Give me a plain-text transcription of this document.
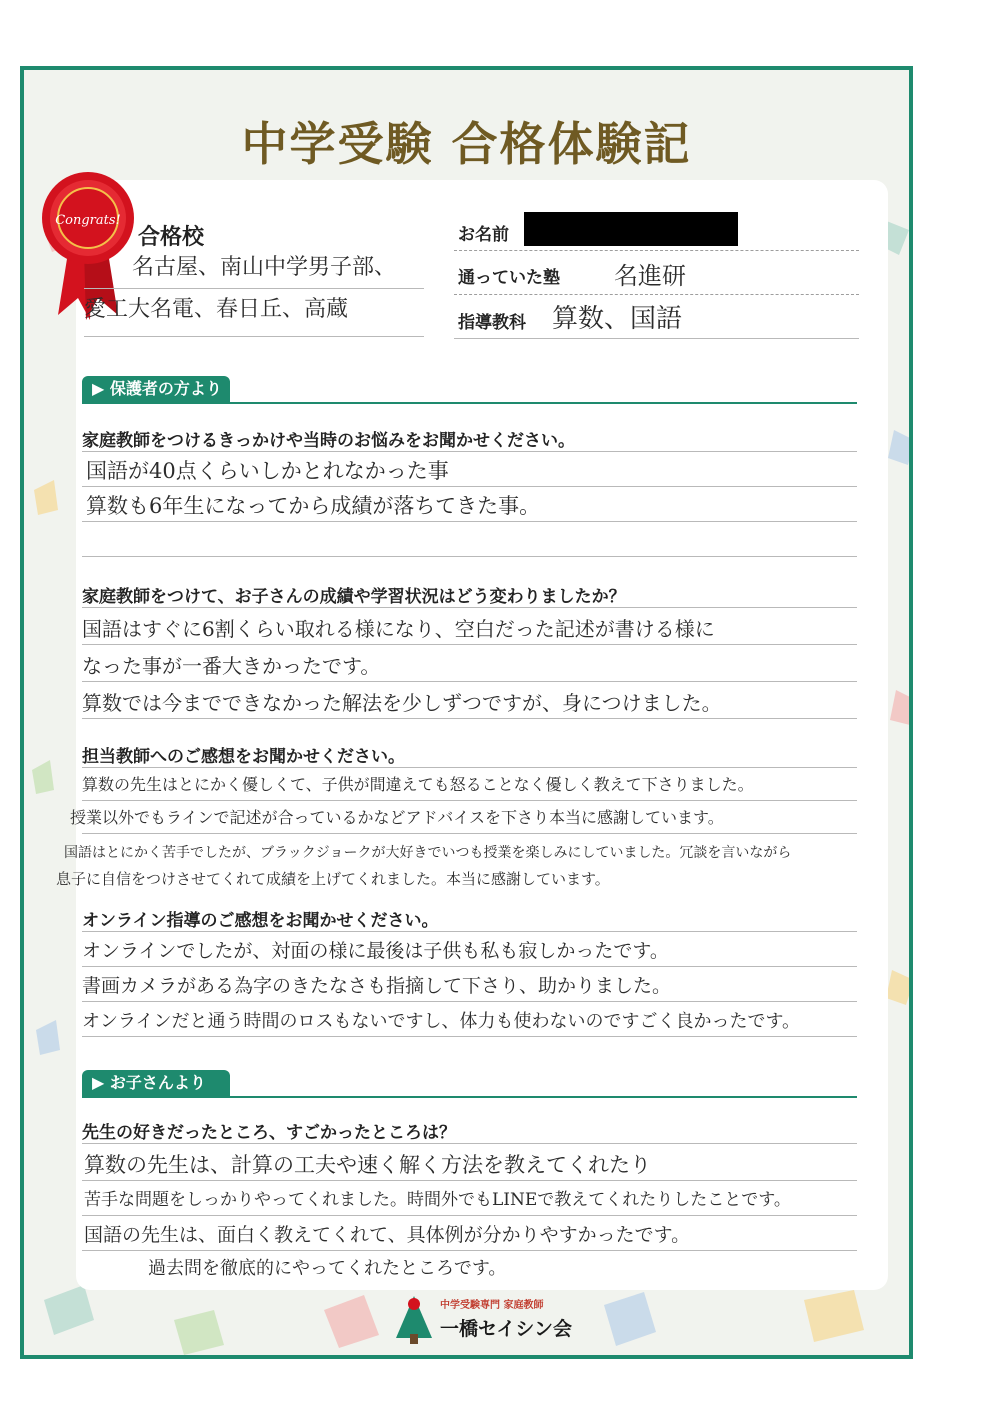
中学受験 合格体験記
Congrats!
合格校
名古屋、南山中学男子部、
愛工大名電、春日丘、高蔵
お名前
通っていた塾 名進研
指導教科 算数、国語
▶ 保護者の方より
家庭教師をつけるきっかけや当時のお悩みをお聞かせください。
国語が40点くらいしかとれなかった事
算数も6年生になってから成績が落ちてきた事。
家庭教師をつけて、お子さんの成績や学習状況はどう変わりましたか？
国語はすぐに6割くらい取れる様になり、空白だった記述が書ける様に
なった事が一番大きかったです。
算数では今までできなかった解法を少しずつですが、身につけました。
担当教師へのご感想をお聞かせください。
算数の先生はとにかく優しくて、子供が間違えても怒ることなく優しく教えて下さりました。
授業以外でもラインで記述が合っているかなどアドバイスを下さり本当に感謝しています。
国語はとにかく苦手でしたが、ブラックジョークが大好きでいつも授業を楽しみにしていました。冗談を言いながら
息子に自信をつけさせてくれて成績を上げてくれました。本当に感謝しています。
オンライン指導のご感想をお聞かせください。
オンラインでしたが、対面の様に最後は子供も私も寂しかったです。
書画カメラがある為字のきたなさも指摘して下さり、助かりました。
オンラインだと通う時間のロスもないですし、体力も使わないのですごく良かったです。
▶ お子さんより
先生の好きだったところ、すごかったところは？
算数の先生は、計算の工夫や速く解く方法を教えてくれたり
苦手な問題をしっかりやってくれました。時間外でもLINEで教えてくれたりしたことです。
国語の先生は、面白く教えてくれて、具体例が分かりやすかったです。
過去問を徹底的にやってくれたところです。
中学受験専門 家庭教師
一橋セイシン会
